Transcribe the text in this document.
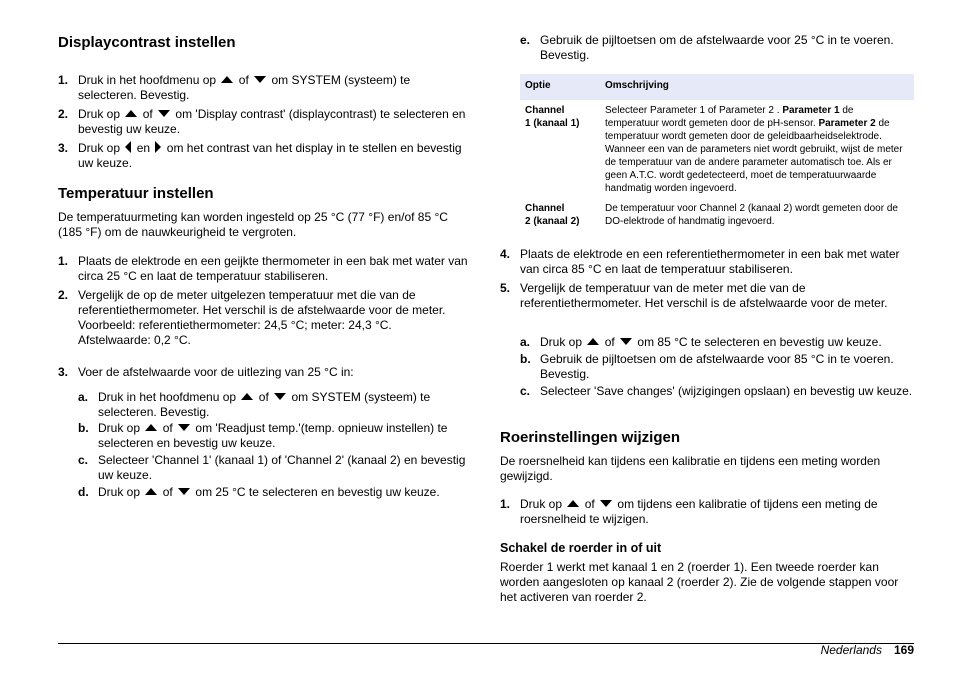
Displaycontrast instellen
1. Druk in het hoofdmenu op of om SYSTEM (systeem) te selecteren. Bevestig.
2. Druk op of om 'Display contrast' (displaycontrast) te selecteren en bevestig uw keuze.
3. Druk op en om het contrast van het display in te stellen en bevestig uw keuze.
Temperatuur instellen
De temperatuurmeting kan worden ingesteld op 25 °C (77 °F) en/of 85 °C (185 °F) om de nauwkeurigheid te vergroten.
1. Plaats de elektrode en een geijkte thermometer in een bak met water van circa 25 °C en laat de temperatuur stabiliseren.
2. Vergelijk de op de meter uitgelezen temperatuur met die van de referentiethermometer. Het verschil is de afstelwaarde voor de meter.
Voorbeeld: referentiethermometer: 24,5 °C; meter: 24,3 °C.
Afstelwaarde: 0,2 °C.
3. Voer de afstelwaarde voor de uitlezing van 25 °C in:
a. Druk in het hoofdmenu op of om SYSTEM (systeem) te selecteren. Bevestig.
b. Druk op of om 'Readjust temp.'(temp. opnieuw instellen) te selecteren en bevestig uw keuze.
c. Selecteer 'Channel 1' (kanaal 1) of 'Channel 2' (kanaal 2) en bevestig uw keuze.
d. Druk op of om 25 °C te selecteren en bevestig uw keuze.
e. Gebruik de pijltoetsen om de afstelwaarde voor 25 °C in te voeren. Bevestig.
Optie	Omschrijving
Channel
1 (kanaal 1)	Selecteer Parameter 1 of Parameter 2 . Parameter 1 de temperatuur wordt gemeten door de pH-sensor. Parameter 2 de temperatuur wordt gemeten door de geleidbaarheidselektrode.
Wanneer een van de parameters niet wordt gebruikt, wijst de meter de temperatuur van de andere parameter automatisch toe. Als er geen A.T.C. wordt gedetecteerd, moet de temperatuurwaarde handmatig worden ingevoerd.
Channel
2 (kanaal 2)	De temperatuur voor Channel 2 (kanaal 2) wordt gemeten door de DO-elektrode of handmatig ingevoerd.
4. Plaats de elektrode en een referentiethermometer in een bak met water van circa 85 °C en laat de temperatuur stabiliseren.
5. Vergelijk de temperatuur van de meter met die van de referentiethermometer. Het verschil is de afstelwaarde voor de meter.
a. Druk op of om 85 °C te selecteren en bevestig uw keuze.
b. Gebruik de pijltoetsen om de afstelwaarde voor 85 °C in te voeren. Bevestig.
c. Selecteer 'Save changes' (wijzigingen opslaan) en bevestig uw keuze.
Roerinstellingen wijzigen
De roersnelheid kan tijdens een kalibratie en tijdens een meting worden gewijzigd.
1. Druk op of om tijdens een kalibratie of tijdens een meting de roersnelheid te wijzigen.
Schakel de roerder in of uit
Roerder 1 werkt met kanaal 1 en 2 (roerder 1). Een tweede roerder kan worden aangesloten op kanaal 2 (roerder 2). Zie de volgende stappen voor het activeren van roerder 2.
Nederlands 169
